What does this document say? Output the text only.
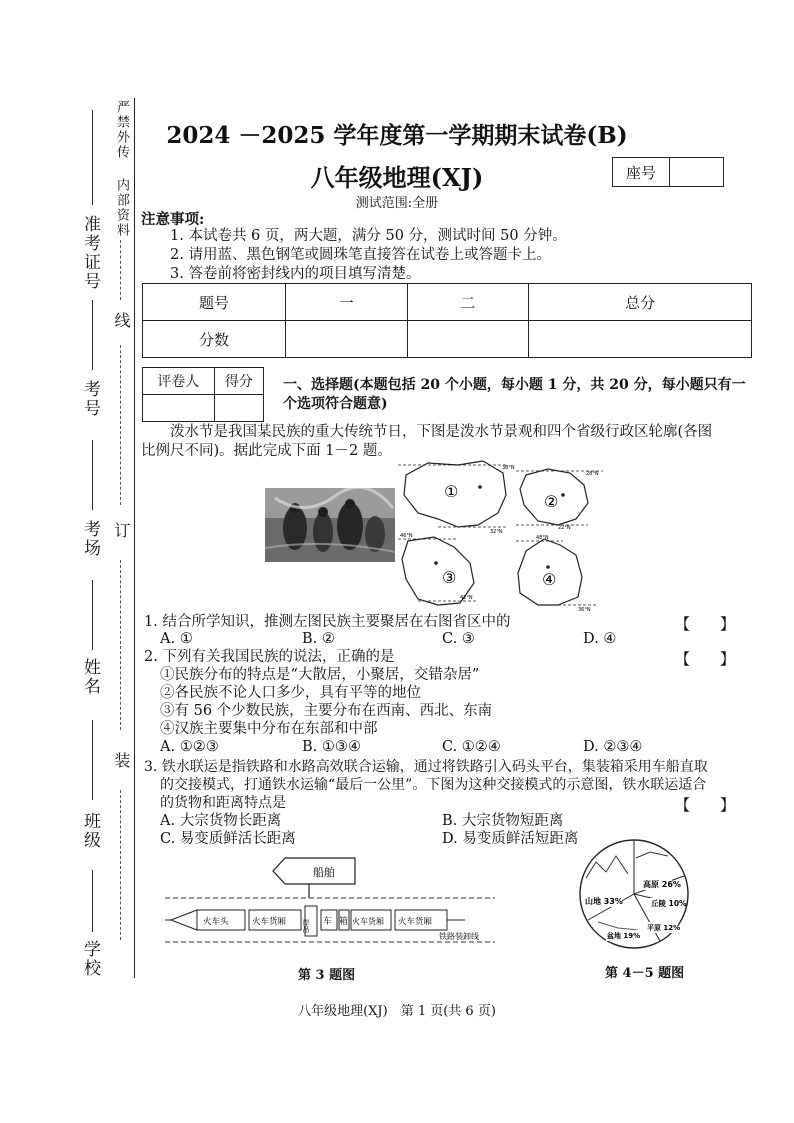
严禁外传
内部资料
线
订
装
准考证号
考号
考场
姓名
班级
学校
2024 －2025 学年度第一学期期末试卷(B)
八年级地理(XJ)
测试范围:全册
座号
注意事项:
1. 本试卷共 6 页，两大题，满分 50 分，测试时间 50 分钟。
2. 请用蓝、黑色钢笔或圆珠笔直接答在试卷上或答题卡上。
3. 答卷前将密封线内的项目填写清楚。
题号	一	二	总分
分数			
评卷人	得分
	一、选择题(本题包括 20 个小题，每小题 1 分，共 20 分，每小题只有一
个选项符合题意)
泼水节是我国某民族的重大传统节日，下图是泼水节景观和四个省级行政区轮廓(各图
比例尺不同)。据此完成下面 1－2 题。
①
②
③	④
38°N
32°N
28°N
22°N
46°N
42°N
48°N
36°N
1. 结合所学知识，推测左图民族主要聚居在右图省区中的	【　　】
A. ①	B. ②	C. ③	D. ④
2. 下列有关我国民族的说法，正确的是	【　　】
①民族分布的特点是“大散居，小聚居，交错杂居”
②各民族不论人口多少，具有平等的地位
③有 56 个少数民族，主要分布在西南、西北、东南
④汉族主要集中分布在东部和中部
A. ①②③	B. ①③④	C. ①②④	D. ②③④
3. 铁水联运是指铁路和水路高效联合运输，通过将铁路引入码头平台，集装箱采用车船直取
的交接模式，打通铁水运输“最后一公里”。下图为这种交接模式的示意图，铁水联运适合
的货物和距离特点是	【　　】
A. 大宗货物长距离	B. 大宗货物短距离
C. 易变质鲜活长距离	D. 易变质鲜活短距离
船舶
火车头	火车货厢 岸吊 车 箱 火车货厢 火车货厢
铁路装卸线
第 3 题图
高原 26%
山地 33%	丘陵 10%
盆地 19%
平原 12%
第 4－5 题图
八年级地理(XJ)　第 1 页(共 6 页)
